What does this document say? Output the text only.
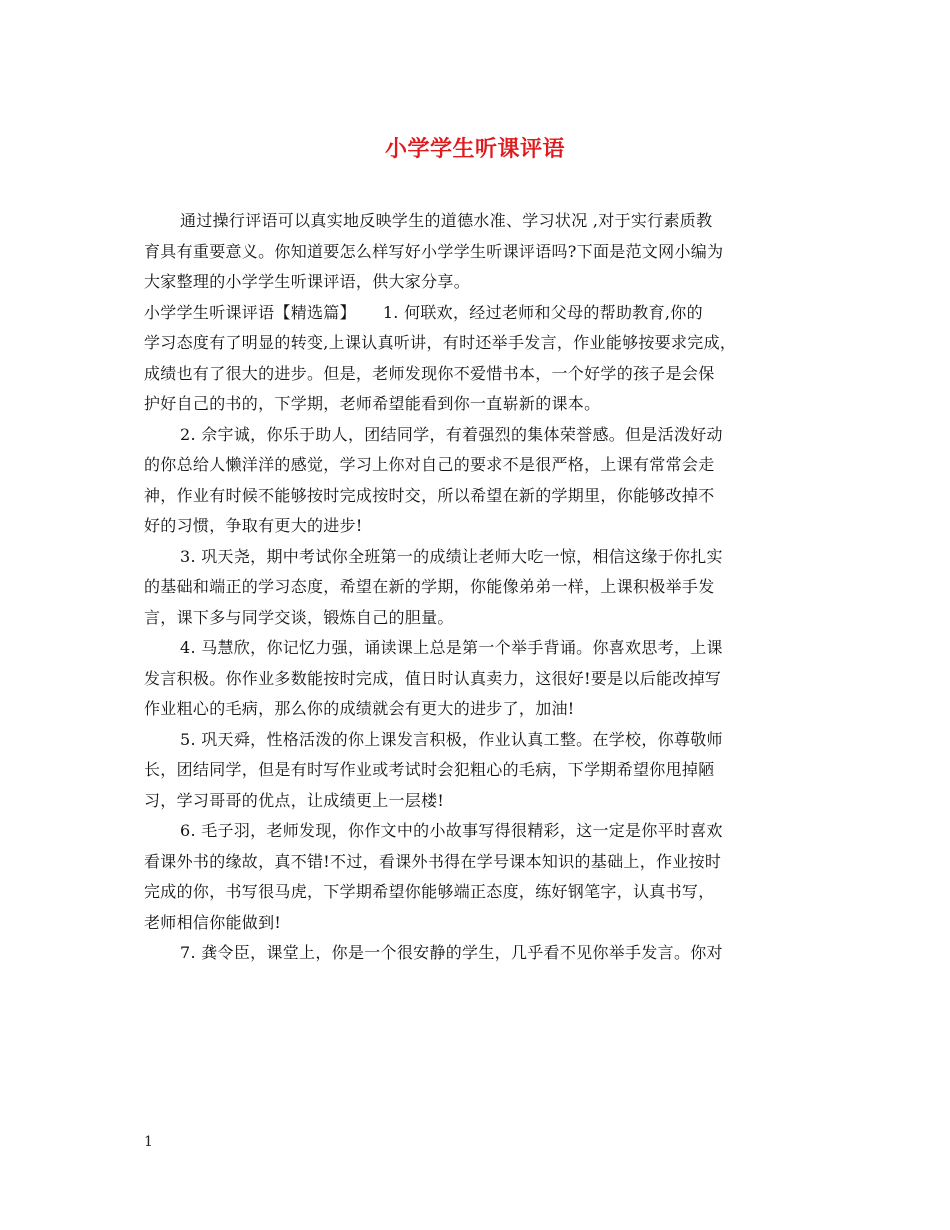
小学学生听课评语
通过操行评语可以真实地反映学生的道德水准、学习状况 ,对于实行素质教
育具有重要意义。你知道要怎么样写好小学学生听课评语吗?下面是范文网小编为
大家整理的小学学生听课评语，供大家分享。
小学学生听课评语【精选篇】     1. 何联欢，经过老师和父母的帮助教育,你的
学习态度有了明显的转变,上课认真听讲，有时还举手发言，作业能够按要求完成，
成绩也有了很大的进步。但是，老师发现你不爱惜书本，一个好学的孩子是会保
护好自己的书的，下学期，老师希望能看到你一直崭新的课本。
2. 佘宇诚，你乐于助人，团结同学，有着强烈的集体荣誉感。但是活泼好动
的你总给人懒洋洋的感觉，学习上你对自己的要求不是很严格，上课有常常会走
神，作业有时候不能够按时完成按时交，所以希望在新的学期里，你能够改掉不
好的习惯，争取有更大的进步!
3. 巩天尧，期中考试你全班第一的成绩让老师大吃一惊，相信这缘于你扎实
的基础和端正的学习态度，希望在新的学期，你能像弟弟一样，上课积极举手发
言，课下多与同学交谈，锻炼自己的胆量。
4. 马慧欣，你记忆力强，诵读课上总是第一个举手背诵。你喜欢思考，上课
发言积极。你作业多数能按时完成，值日时认真卖力，这很好!要是以后能改掉写
作业粗心的毛病，那么你的成绩就会有更大的进步了，加油!
5. 巩天舜，性格活泼的你上课发言积极，作业认真工整。在学校，你尊敬师
长，团结同学，但是有时写作业或考试时会犯粗心的毛病，下学期希望你甩掉陋
习，学习哥哥的优点，让成绩更上一层楼!
6. 毛子羽，老师发现，你作文中的小故事写得很精彩，这一定是你平时喜欢
看课外书的缘故，真不错!不过，看课外书得在学号课本知识的基础上，作业按时
完成的你，书写很马虎，下学期希望你能够端正态度，练好钢笔字，认真书写，
老师相信你能做到!
7. 龚令臣，课堂上，你是一个很安静的学生，几乎看不见你举手发言。你对
1
